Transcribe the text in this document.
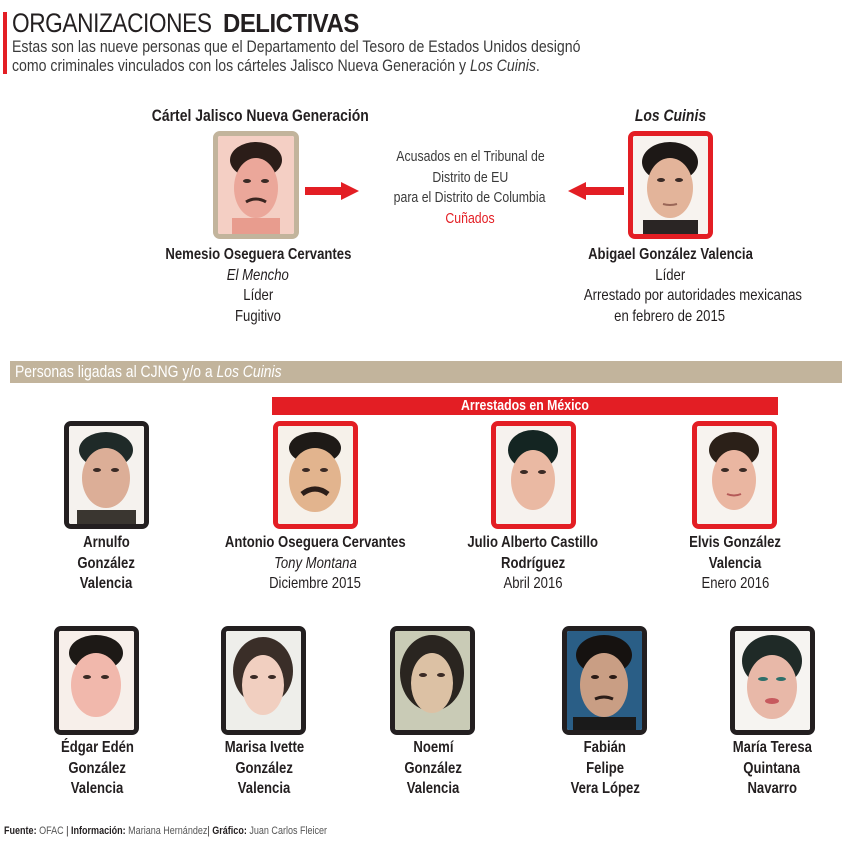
ORGANIZACIONES DELICTIVAS
Estas son las nueve personas que el Departamento del Tesoro de Estados Unidos designó
como criminales vinculados con los cárteles Jalisco Nueva Generación y Los Cuinis.
Cártel Jalisco Nueva Generación
Nemesio Oseguera Cervantes
El Mencho
Líder
Fugitivo
Acusados en el Tribunal de
Distrito de EU
para el Distrito de Columbia
Cuñados
Los Cuinis
Abigael González Valencia
Líder
Arrestado por autoridades mexicanas
en febrero de 2015
Personas ligadas al CJNG y/o a Los Cuinis
Arrestados en México
Arnulfo
González
Valencia
Antonio Oseguera Cervantes
Tony Montana
Diciembre 2015
Julio Alberto Castillo
Rodríguez
Abril 2016
Elvis González
Valencia
Enero 2016
Édgar Edén
González
Valencia
Marisa Ivette
González
Valencia
Noemí
González
Valencia
Fabián
Felipe
Vera López
María Teresa
Quintana
Navarro
Fuente: OFAC | Información: Mariana Hernández| Gráfico: Juan Carlos Fleicer
